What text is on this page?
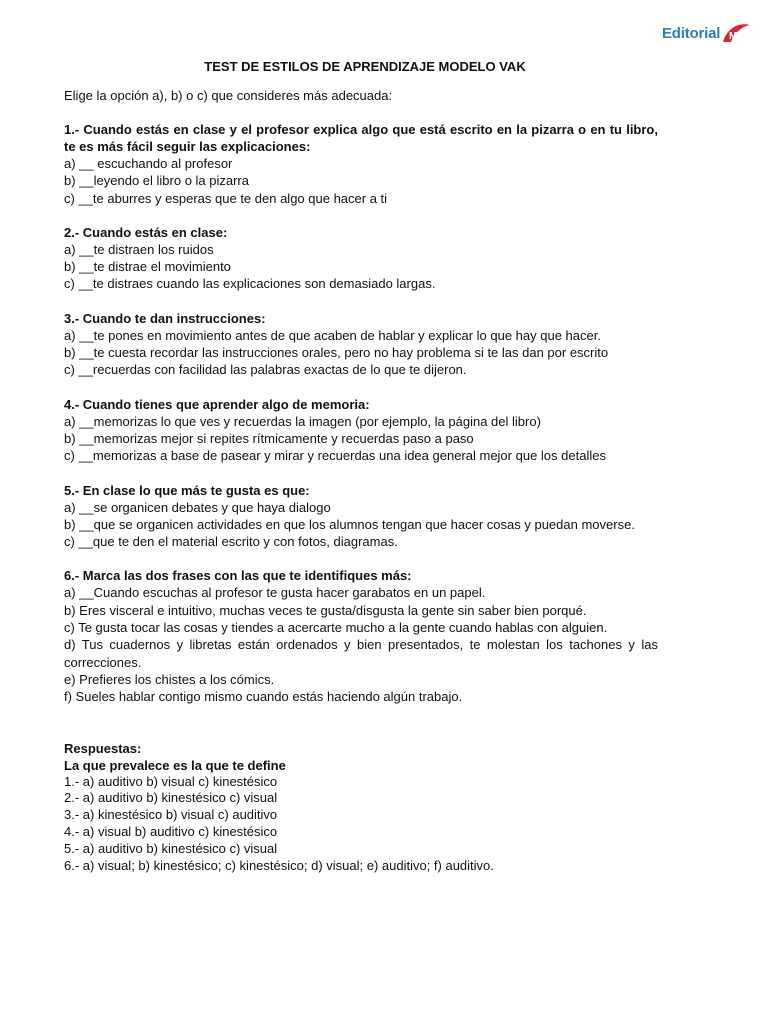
Editorial MD
TEST DE ESTILOS DE APRENDIZAJE MODELO VAK
Elige la opción a), b) o c) que consideres más adecuada:
1.- Cuando estás en clase y el profesor explica algo que está escrito en la pizarra o en tu libro, te es más fácil seguir las explicaciones:
a) __ escuchando al profesor
b) __leyendo el libro o la pizarra
c) __te aburres y esperas que te den algo que hacer a ti
2.- Cuando estás en clase:
a) __te distraen los ruidos
b) __te distrae el movimiento
c) __te distraes cuando las explicaciones son demasiado largas.
3.- Cuando te dan instrucciones:
a) __te pones en movimiento antes de que acaben de hablar y explicar lo que hay que hacer.
b) __te cuesta recordar las instrucciones orales, pero no hay problema si te las dan por escrito
c) __recuerdas con facilidad las palabras exactas de lo que te dijeron.
4.- Cuando tienes que aprender algo de memoria:
a) __memorizas lo que ves y recuerdas la imagen (por ejemplo, la página del libro)
b) __memorizas mejor si repites rítmicamente y recuerdas paso a paso
c) __memorizas a base de pasear y mirar y recuerdas una idea general mejor que los detalles
5.- En clase lo que más te gusta es que:
a) __se organicen debates y que haya dialogo
b) __que se organicen actividades en que los alumnos tengan que hacer cosas y puedan moverse.
c) __que te den el material escrito y con fotos, diagramas.
6.- Marca las dos frases con las que te identifiques más:
a) __Cuando escuchas al profesor te gusta hacer garabatos en un papel.
b) Eres visceral e intuitivo, muchas veces te gusta/disgusta la gente sin saber bien porqué.
c) Te gusta tocar las cosas y tiendes a acercarte mucho a la gente cuando hablas con alguien.
d) Tus cuadernos y libretas están ordenados y bien presentados, te molestan los tachones y las correcciones.
e) Prefieres los chistes a los cómics.
f) Sueles hablar contigo mismo cuando estás haciendo algún trabajo.
Respuestas:
La que prevalece es la que te define
1.- a) auditivo b) visual c) kinestésico
2.- a) auditivo b) kinestésico c) visual
3.- a) kinestésico b) visual c) auditivo
4.- a) visual b) auditivo c) kinestésico
5.- a) auditivo b) kinestésico c) visual
6.- a) visual; b) kinestésico; c) kinestésico; d) visual; e) auditivo; f) auditivo.
